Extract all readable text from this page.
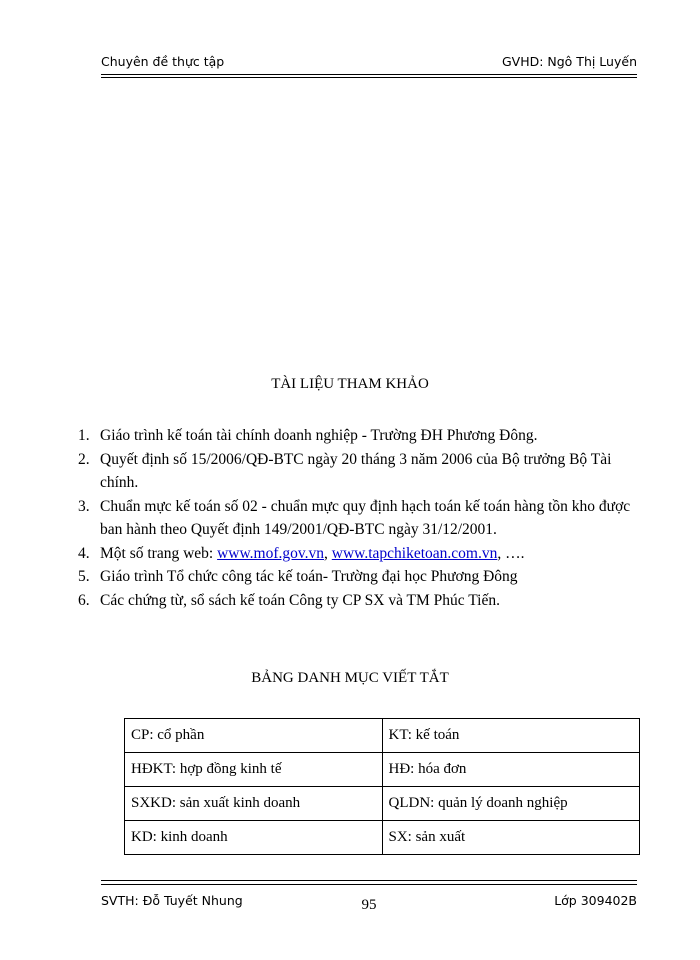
Chuyên đề thực tập	GVHD: Ngô Thị Luyến
TÀI LIỆU THAM KHẢO
1. Giáo trình kế toán tài chính doanh nghiệp - Trường ĐH Phương Đông.
2. Quyết định số 15/2006/QĐ-BTC ngày 20 tháng 3 năm 2006 của Bộ trưởng Bộ Tài chính.
3. Chuẩn mực kế toán số 02 - chuẩn mực quy định hạch toán kế toán hàng tồn kho được ban hành theo Quyết định 149/2001/QĐ-BTC ngày 31/12/2001.
4. Một số trang web: www.mof.gov.vn, www.tapchiketoan.com.vn, ….
5. Giáo trình Tổ chức công tác kế toán- Trường đại học Phương Đông
6. Các chứng từ, sổ sách kế toán Công ty CP SX và TM Phúc Tiến.
BẢNG DANH MỤC VIẾT TẮT
CP: cổ phần	KT: kế toán
HĐKT: hợp đồng kinh tế	HĐ: hóa đơn
SXKD: sản xuất kinh doanh	QLDN: quản lý doanh nghiệp
KD: kinh doanh	SX: sản xuất
SVTH: Đỗ Tuyết Nhung	95	Lớp 309402B
